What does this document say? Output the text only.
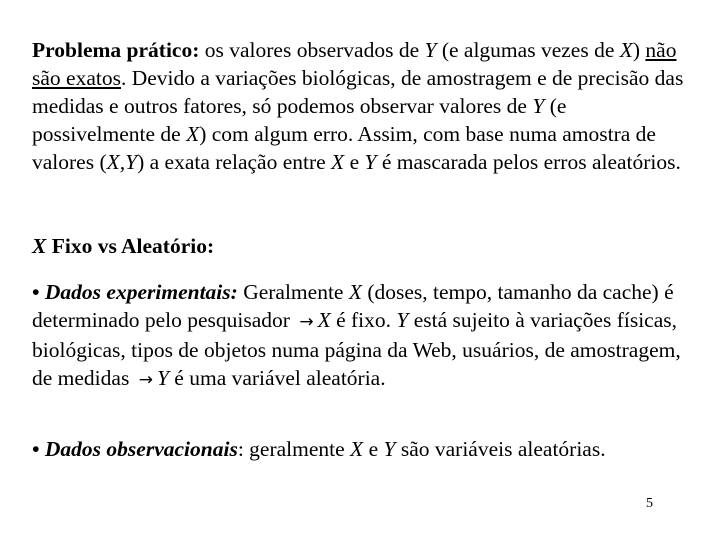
Problema prático: os valores observados de Y (e algumas vezes de X) não são exatos. Devido a variações biológicas, de amostragem e de precisão das medidas e outros fatores, só podemos observar valores de Y (e possivelmente de X) com algum erro. Assim, com base numa amostra de valores (X,Y) a exata relação entre X e Y é mascarada pelos erros aleatórios.

X Fixo vs Aleatório:

• Dados experimentais: Geralmente X (doses, tempo, tamanho da cache) é determinado pelo pesquisador → X é fixo. Y está sujeito à variações físicas, biológicas, tipos de objetos numa página da Web, usuários, de amostragem, de medidas → Y é uma variável aleatória.

• Dados observacionais: geralmente X e Y são variáveis aleatórias.

5
